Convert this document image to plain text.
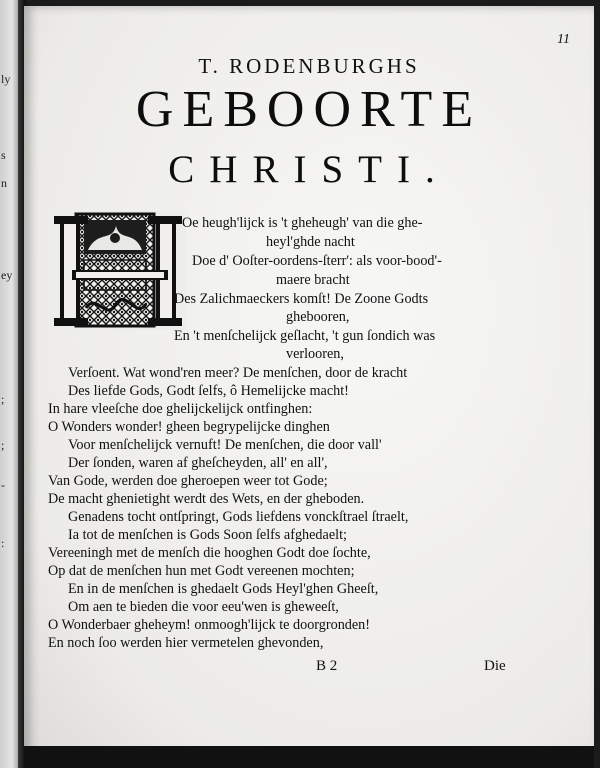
ly
s
n
ey
;
;
-
:
11
T. RODENBURGHS
GEBOORTE
CHRISTI.
Oe heugh'lijck is 't gheheugh' van die ghe-
heyl'ghde nacht
Doe d' Ooſter-oordens-ſterr': als voor-bood'-
maere bracht
Des Zalichmaeckers komſt! De Zoone Godts
ghebooren,
En 't menſchelijck geſlacht, 't gun ſondich was
verlooren,
Verſoent. Wat wond'ren meer? De menſchen, door de kracht
Des liefde Gods, Godt ſelfs, ô Hemelijcke macht!
In hare vleeſche doe ghelijckelijck ontfinghen:
O Wonders wonder! gheen begrypelijcke dinghen
Voor menſchelijck vernuft! De menſchen, die door vall'
Der ſonden, waren af gheſcheyden, all' en all',
Van Gode, werden doe gheroepen weer tot Gode;
De macht ghenietight werdt des Wets, en der gheboden.
Genadens tocht ontſpringt, Gods liefdens vonckſtrael ſtraelt,
Ia tot de menſchen is Gods Soon ſelfs afghedaelt;
Vereeningh met de menſch die hooghen Godt doe ſochte,
Op dat de menſchen hun met Godt vereenen mochten;
En in de menſchen is ghedaelt Gods Heyl'ghen Gheeſt,
Om aen te bieden die voor eeu'wen is gheweeſt,
O Wonderbaer gheheym! onmoogh'lijck te doorgronden!
En noch ſoo werden hier vermetelen ghevonden,
B 2	Die
